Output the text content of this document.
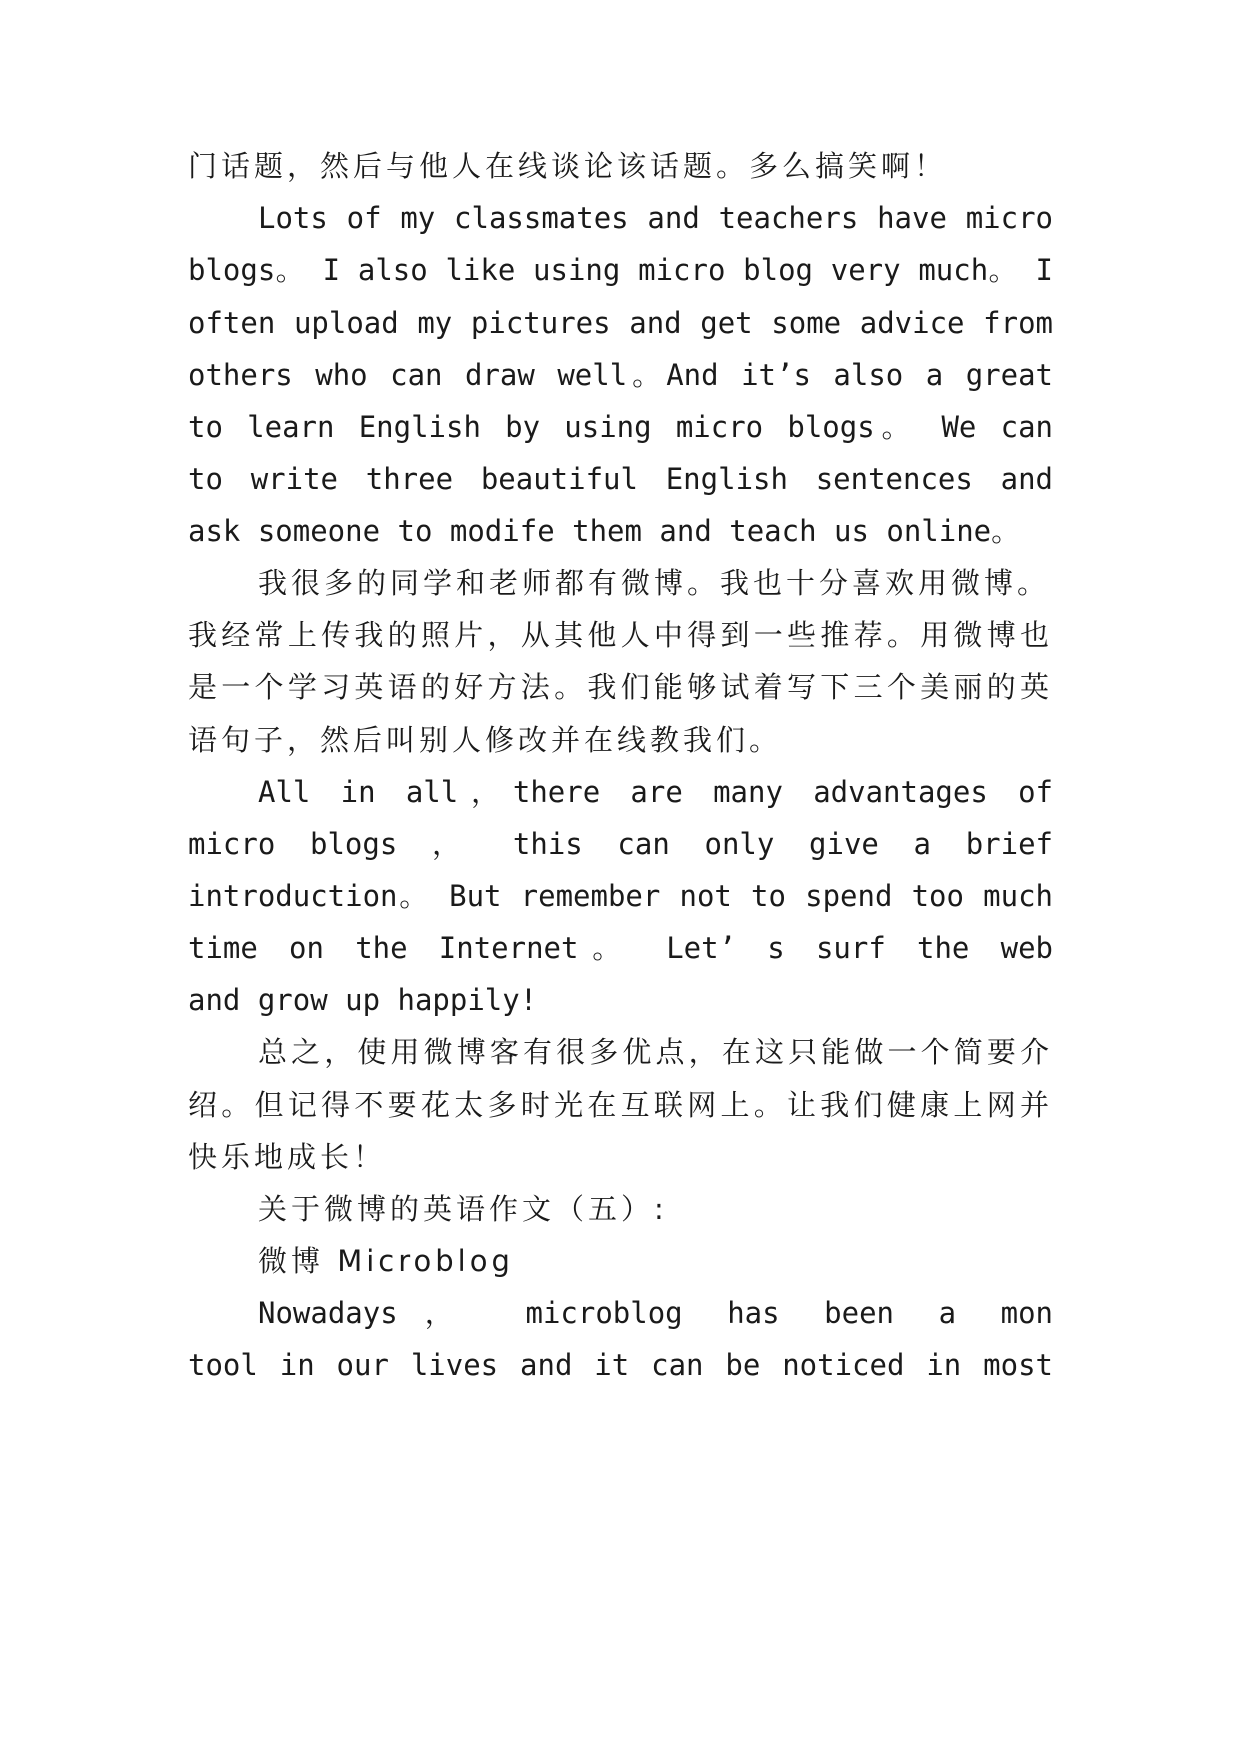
门话题，然后与他人在线谈论该话题。多么搞笑啊！
Lots of my classmates and teachers have micro
blogs。 I also like using micro blog very much。 I
often upload my pictures and get some advice from
others who can draw well。And it’s also a great
to learn English by using micro blogs。 We can
to write three beautiful English sentences and
ask someone to modife them and teach us online。
我很多的同学和老师都有微博。我也十分喜欢用微博。
我经常上传我的照片，从其他人中得到一些推荐。用微博也
是一个学习英语的好方法。我们能够试着写下三个美丽的英
语句子，然后叫别人修改并在线教我们。
All in all，there are many advantages of
micro blogs ， this can only give a brief
introduction。 But remember not to spend too much
time on the Internet。 Let’ s surf the web
and grow up happily!
总之，使用微博客有很多优点，在这只能做一个简要介
绍。但记得不要花太多时光在互联网上。让我们健康上网并
快乐地成长！
关于微博的英语作文（五）:
微博 Microblog
Nowadays， microblog has been a mon
tool in our lives and it can be noticed in most
